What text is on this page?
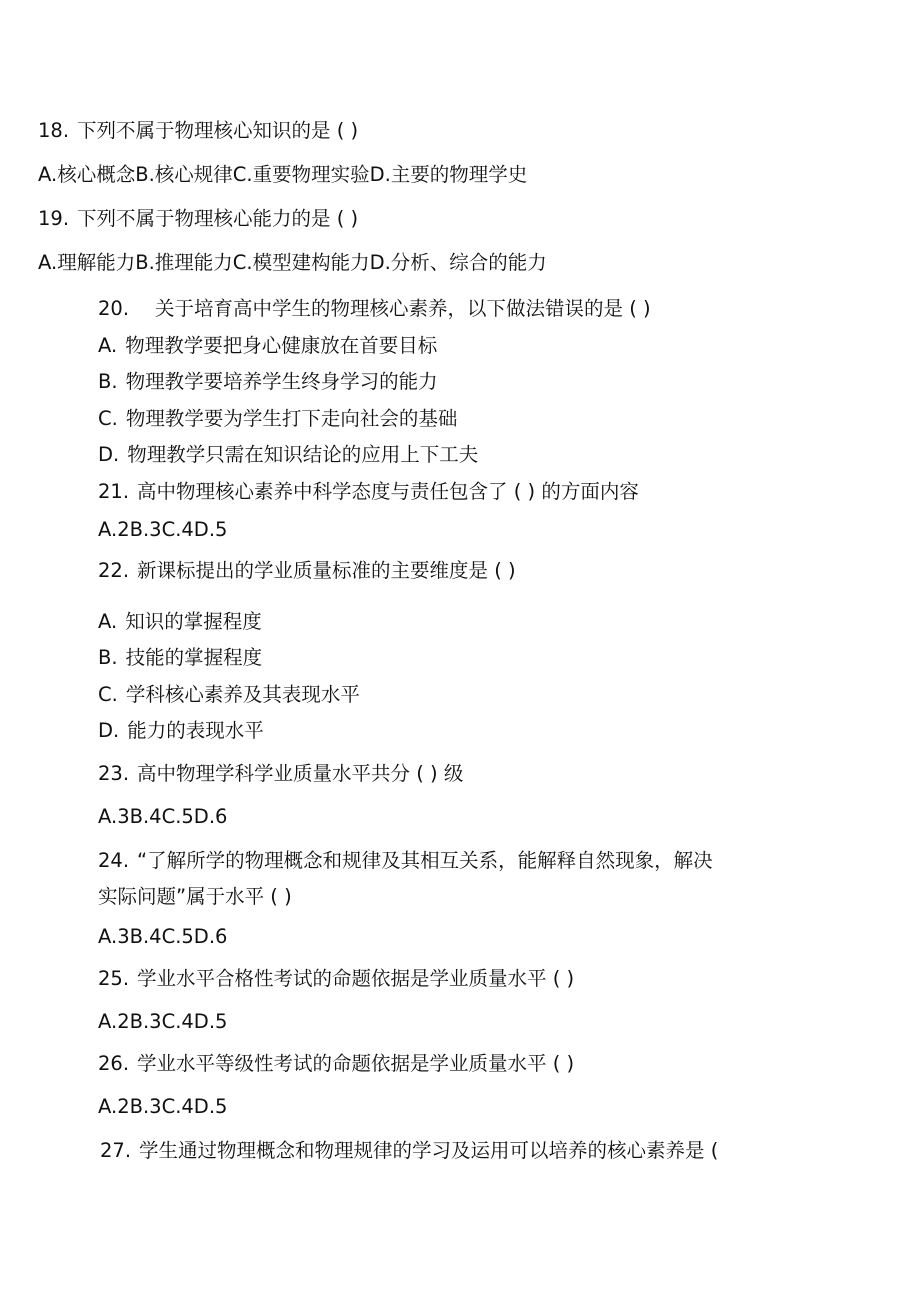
18. 下列不属于物理核心知识的是 ( )
A.核心概念B.核心规律C.重要物理实验D.主要的物理学史
19. 下列不属于物理核心能力的是 ( )
A.理解能力B.推理能力C.模型建构能力D.分析、综合的能力
20. 关于培育高中学生的物理核心素养，以下做法错误的是 ( )
A. 物理教学要把身心健康放在首要目标
B. 物理教学要培养学生终身学习的能力
C. 物理教学要为学生打下走向社会的基础
D. 物理教学只需在知识结论的应用上下工夫
21. 高中物理核心素养中科学态度与责任包含了 ( ) 的方面内容
A.2B.3C.4D.5
22. 新课标提出的学业质量标准的主要维度是 ( )
A. 知识的掌握程度
B. 技能的掌握程度
C. 学科核心素养及其表现水平
D. 能力的表现水平
23. 高中物理学科学业质量水平共分 ( ) 级
A.3B.4C.5D.6
24. “了解所学的物理概念和规律及其相互关系，能解释自然现象，解决
实际问题”属于水平 ( )
A.3B.4C.5D.6
25. 学业水平合格性考试的命题依据是学业质量水平 ( )
A.2B.3C.4D.5
26. 学业水平等级性考试的命题依据是学业质量水平 ( )
A.2B.3C.4D.5
27. 学生通过物理概念和物理规律的学习及运用可以培养的核心素养是 (
